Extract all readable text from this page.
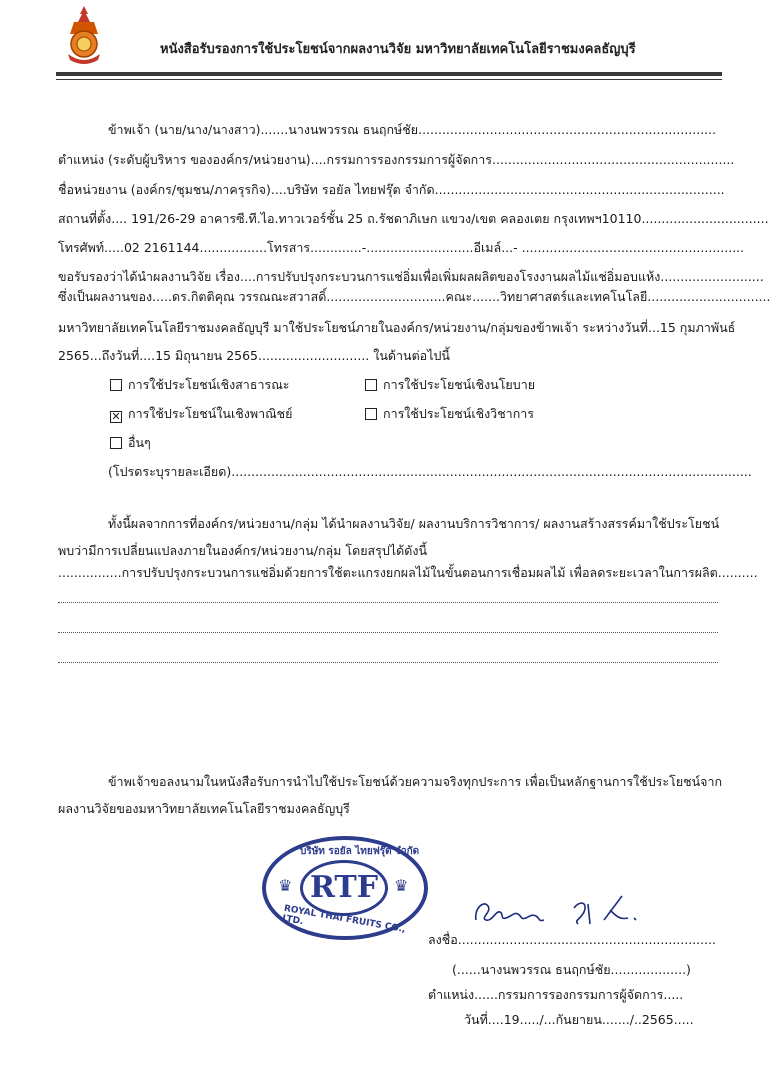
หนังสือรับรองการใช้ประโยชน์จากผลงานวิจัย มหาวิทยาลัยเทคโนโลยีราชมงคลธัญบุรี
ข้าพเจ้า (นาย/นาง/นางสาว).......นางนพวรรณ ธนฤกษ์ชัย...........................................................................
ตำแหน่ง (ระดับผู้บริหาร ขององค์กร/หน่วยงาน)....กรรมการรองกรรมการผู้จัดการ.............................................................
ชื่อหน่วยงาน (องค์กร/ชุมชน/ภาครุรกิจ)....บริษัท รอยัล ไทยฟรุ๊ต จำกัด.........................................................................
สถานที่ตั้ง.... 191/26-29 อาคารซี.ที.ไอ.ทาวเวอร์ชั้น 25 ถ.รัชดาภิเษก แขวง/เขต คลองเตย กรุงเทพฯ10110................................
โทรศัพท์.....02 2161144.................โทรสาร.............-...........................อีเมล์...- ........................................................
ขอรับรองว่าได้นำผลงานวิจัย เรื่อง....การปรับปรุงกระบวนการแช่อิ่มเพื่อเพิ่มผลผลิตของโรงงานผลไม้แช่อิ่มอบแห้ง..........................
ซึ่งเป็นผลงานของ.....ดร.กิตติคุณ วรรณณะสวาสดิ์..............................คณะ.......วิทยาศาสตร์และเทคโนโลยี...............................
มหาวิทยาลัยเทคโนโลยีราชมงคลธัญบุรี มาใช้ประโยชน์ภายในองค์กร/หน่วยงาน/กลุ่มของข้าพเจ้า ระหว่างวันที่...15 กุมภาพันธ์
2565...ถึงวันที่....15 มิถุนายน 2565............................ ในด้านต่อไปนี้
การใช้ประโยชน์เชิงสาธารณะ	การใช้ประโยชน์เชิงนโยบาย
✕ การใช้ประโยชน์ในเชิงพาณิชย์	การใช้ประโยชน์เชิงวิชาการ
อื่นๆ
(โปรดระบุรายละเอียด)...................................................................................................................................
ทั้งนี้ผลจากการที่องค์กร/หน่วยงาน/กลุ่ม ได้นำผลงานวิจัย/ ผลงานบริการวิชาการ/ ผลงานสร้างสรรค์มาใช้ประโยชน์
พบว่ามีการเปลี่ยนแปลงภายในองค์กร/หน่วยงาน/กลุ่ม โดยสรุปได้ดังนี้
................การปรับปรุงกระบวนการแช่อิ่มด้วยการใช้ตะแกรงยกผลไม้ในขั้นตอนการเชื่อมผลไม้ เพื่อลดระยะเวลาในการผลิต..........
ข้าพเจ้าขอลงนามในหนังสือรับการนำไปใช้ประโยชน์ด้วยความจริงทุกประการ เพื่อเป็นหลักฐานการใช้ประโยชน์จาก
ผลงานวิจัยของมหาวิทยาลัยเทคโนโลยีราชมงคลธัญบุรี
บริษัท รอยัล ไทยฟรุ๊ต จำกัด
♛	♛
RTF
ROYAL THAI FRUITS CO., LTD.
ลงชื่อ.................................................................
(......นางนพวรรณ ธนฤกษ์ชัย...................)
ตำแหน่ง......กรรมการรองกรรมการผู้จัดการ.....
วันที่....19...../...กันยายน......./..2565.....
